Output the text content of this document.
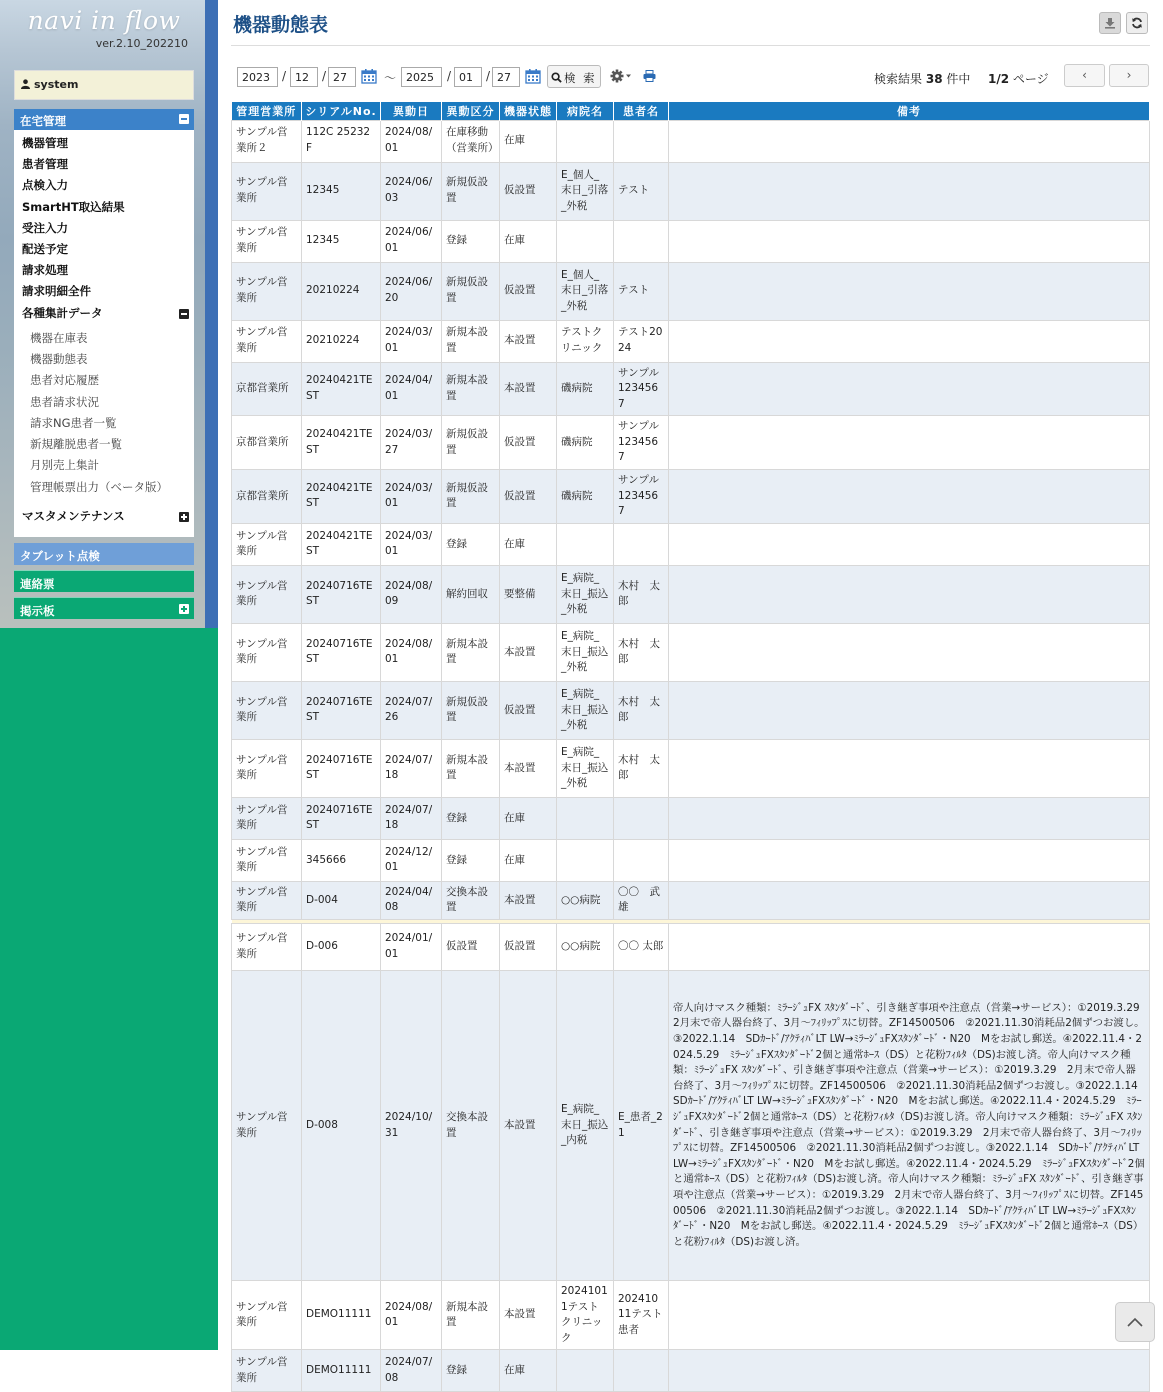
navi in flow
ver.2.10_202210
system
在宅管理
機器管理
患者管理
点検入力
SmartHT取込結果
受注入力
配送予定
請求処理
請求明細全件
各種集計データ
機器在庫表
機器動態表
患者対応履歴
患者請求状況
請求NG患者一覧
新規離脱患者一覧
月別売上集計
管理帳票出力（ベータ版）
マスタメンテナンス
タブレット点検
連絡票
掲示板
機器動態表
2023
/
12	/
27	〜
2025	/
01	/
27	検 索	検索結果 38 件中 1/2 ページ	‹	›
管理営業所	シリアルNo.	異動日	異動区分	機器状態	病院名	患者名	備考
サンプル営業所２	112C 25232 F	2024/08/01	在庫移動（営業所）	在庫			
サンプル営業所	12345	2024/06/03	新規仮設置	仮設置	E_個人_末日_引落_外税	テスト	
サンプル営業所	12345	2024/06/01	登録	在庫			
サンプル営業所	20210224	2024/06/20	新規仮設置	仮設置	E_個人_末日_引落_外税	テスト	
サンプル営業所	20210224	2024/03/01	新規本設置	本設置	テストクリニック	テスト2024	
京都営業所	20240421TEST	2024/04/01	新規本設置	本設置	磯病院	サンプル1234567	
京都営業所	20240421TEST	2024/03/27	新規仮設置	仮設置	磯病院	サンプル1234567	
京都営業所	20240421TEST	2024/03/01	新規仮設置	仮設置	磯病院	サンプル1234567	
サンプル営業所	20240421TEST	2024/03/01	登録	在庫			
サンプル営業所	20240716TEST	2024/08/09	解約回収	要整備	E_病院_末日_振込_外税	木村　太郎	
サンプル営業所	20240716TEST	2024/08/01	新規本設置	本設置	E_病院_末日_振込_外税	木村　太郎	
サンプル営業所	20240716TEST	2024/07/26	新規仮設置	仮設置	E_病院_末日_振込_外税	木村　太郎	
サンプル営業所	20240716TEST	2024/07/18	新規本設置	本設置	E_病院_末日_振込_外税	木村　太郎	
サンプル営業所	20240716TEST	2024/07/18	登録	在庫			
サンプル営業所	345666	2024/12/01	登録	在庫			
サンプル営業所	D-004	2024/04/08	交換本設置	本設置	○○病院	〇〇　武雄	

サンプル営業所	D-006	2024/01/01	仮設置	仮設置	○○病院	〇〇 太郎	
サンプル営業所	D-008	2024/10/31	交換本設置	本設置	E_病院_末日_振込_内税	E_患者_21	帝人向けマスク種類：ﾐﾗｰｼﾞｭFX ｽﾀﾝﾀﾞｰﾄﾞ、引き継ぎ事項や注意点（営業→サービス）：①2019.3.29　2月末で帝人器台終了、3月～ﾌｨﾘｯﾌﾟｽに切替。ZF14500506　②2021.11.30消耗品2個ずつお渡し。③2022.1.14　SDｶｰﾄﾞ/ｱｸﾃｨﾊﾞLT LW→ﾐﾗｰｼﾞｭFXｽﾀﾝﾀﾞｰﾄﾞ・N20　Mをお試し郵送。④2022.11.4・2024.5.29　ﾐﾗｰｼﾞｭFXｽﾀﾝﾀﾞｰﾄﾞ2個と通常ﾎｰｽ（DS）と花粉ﾌｨﾙﾀ（DS)お渡し済。帝人向けマスク種類：ﾐﾗｰｼﾞｭFX ｽﾀﾝﾀﾞｰﾄﾞ、引き継ぎ事項や注意点（営業→サービス）：①2019.3.29　2月末で帝人器台終了、3月～ﾌｨﾘｯﾌﾟｽに切替。ZF14500506　②2021.11.30消耗品2個ずつお渡し。③2022.1.14　SDｶｰﾄﾞ/ｱｸﾃｨﾊﾞLT LW→ﾐﾗｰｼﾞｭFXｽﾀﾝﾀﾞｰﾄﾞ・N20　Mをお試し郵送。④2022.11.4・2024.5.29　ﾐﾗｰｼﾞｭFXｽﾀﾝﾀﾞｰﾄﾞ2個と通常ﾎｰｽ（DS）と花粉ﾌｨﾙﾀ（DS)お渡し済。帝人向けマスク種類：ﾐﾗｰｼﾞｭFX ｽﾀﾝﾀﾞｰﾄﾞ、引き継ぎ事項や注意点（営業→サービス）：①2019.3.29　2月末で帝人器台終了、3月～ﾌｨﾘｯﾌﾟｽに切替。ZF14500506　②2021.11.30消耗品2個ずつお渡し。③2022.1.14　SDｶｰﾄﾞ/ｱｸﾃｨﾊﾞLT LW→ﾐﾗｰｼﾞｭFXｽﾀﾝﾀﾞｰﾄﾞ・N20　Mをお試し郵送。④2022.11.4・2024.5.29　ﾐﾗｰｼﾞｭFXｽﾀﾝﾀﾞｰﾄﾞ2個と通常ﾎｰｽ（DS）と花粉ﾌｨﾙﾀ（DS)お渡し済。帝人向けマスク種類：ﾐﾗｰｼﾞｭFX ｽﾀﾝﾀﾞｰﾄﾞ、引き継ぎ事項や注意点（営業→サービス）：①2019.3.29　2月末で帝人器台終了、3月～ﾌｨﾘｯﾌﾟｽに切替。ZF14500506　②2021.11.30消耗品2個ずつお渡し。③2022.1.14　SDｶｰﾄﾞ/ｱｸﾃｨﾊﾞLT LW→ﾐﾗｰｼﾞｭFXｽﾀﾝﾀﾞｰﾄﾞ・N20　Mをお試し郵送。④2022.11.4・2024.5.29　ﾐﾗｰｼﾞｭFXｽﾀﾝﾀﾞｰﾄﾞ2個と通常ﾎｰｽ（DS）と花粉ﾌｨﾙﾀ（DS)お渡し済。
サンプル営業所	DEMO11111	2024/08/01	新規本設置	本設置	20241011テストクリニック	20241011テスト患者	
サンプル営業所	DEMO11111	2024/07/08	登録	在庫			
